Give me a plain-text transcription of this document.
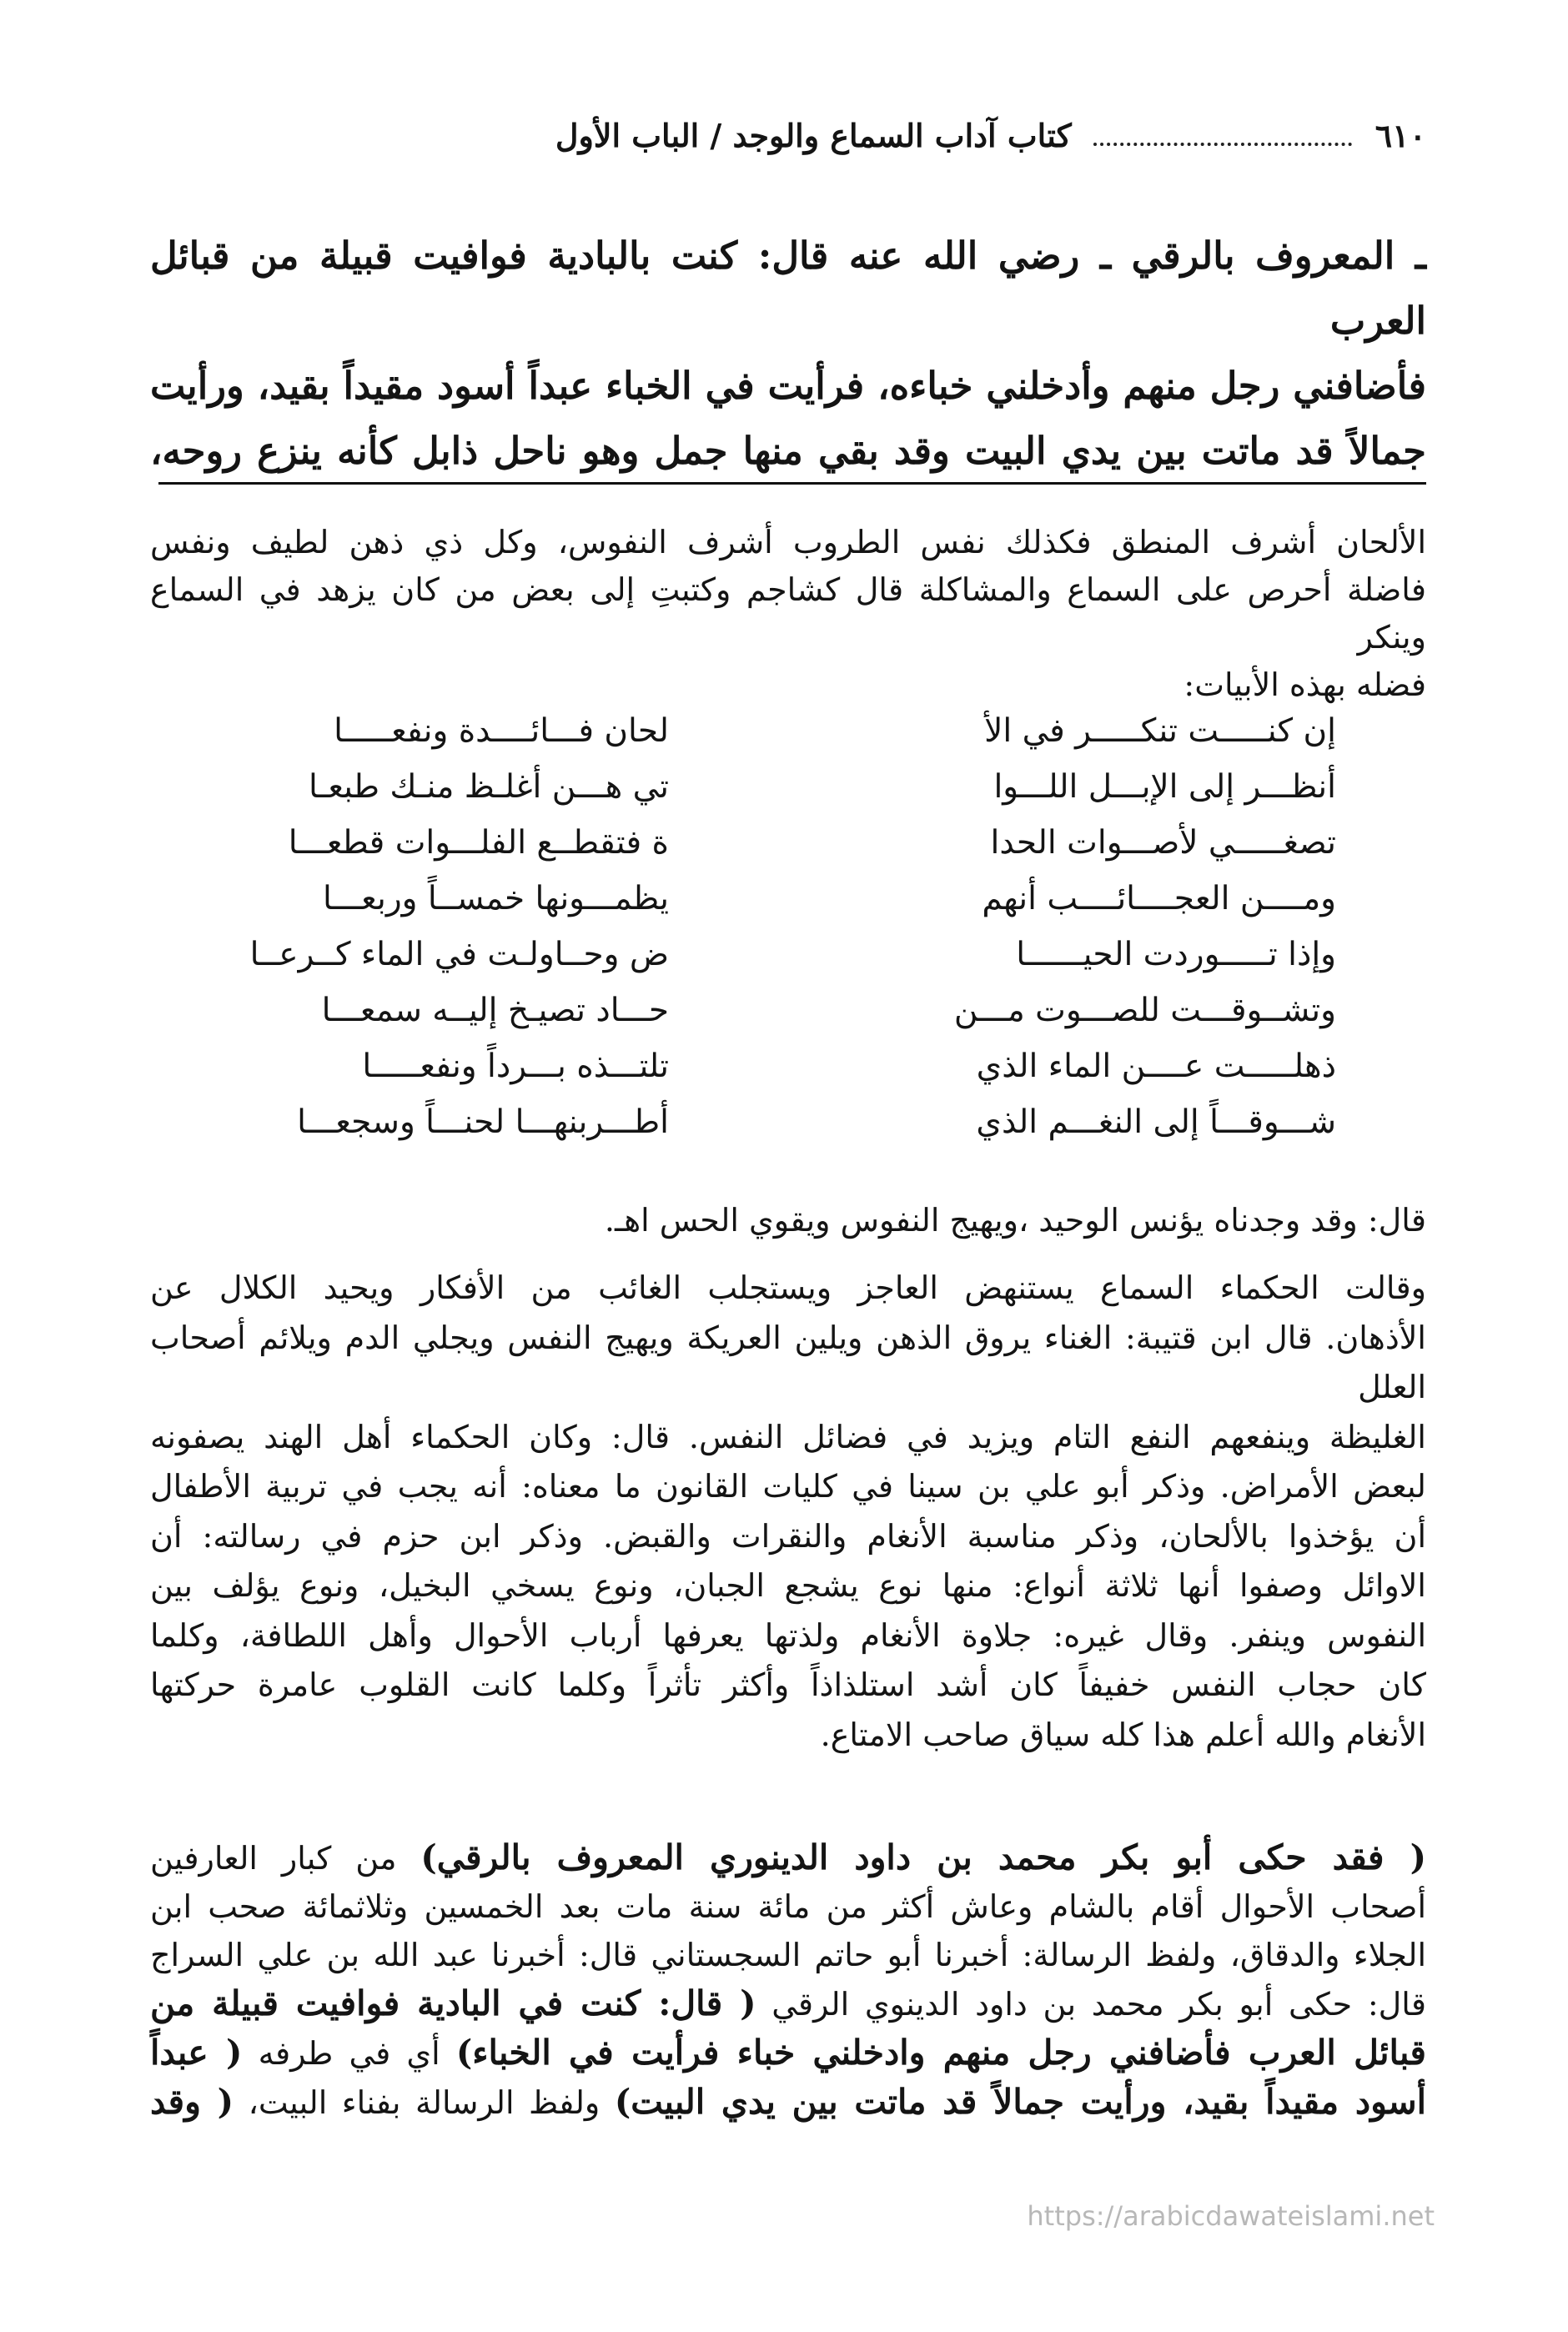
٦١٠
كتاب آداب السماع والوجد / الباب الأول

ـ المعروف بالرقي ـ رضي الله عنه قال: كنت بالبادية فوافيت قبيلة من قبائل العرب

فأضافني رجل منهم وأدخلني خباءه، فرأيت في الخباء عبداً أسود مقيداً بقيد، ورأيت

جمالاً قد ماتت بين يدي البيت وقد بقي منها جمل وهو ناحل ذابل كأنه ينزع روحه،

الألحان أشرف المنطق فكذلك نفس الطروب أشرف النفوس، وكل ذي ذهن لطيف ونفس

فاضلة أحرص على السماع والمشاكلة قال كشاجم وكتبتِ إلى بعض من كان يزهد في السماع وينكر

فضله بهذه الأبيات:

إن كنـــــت تنكـــــر في الأ
لحان فـــائــــدة ونفعـــــا
أنظـــر إلى الإبـــل اللـــوا
تي هـــن أغلـظ منـك طبعـا
تصغـــــي لأصـــوات الحدا
ة فتقطــع الفلـــوات قطعـــا
ومــــن العجــــائــــب أنهم
يظمـــونها خمســاً وربعـــا
وإذا تـــــوردت الحيــــــا
ض وحــاولـت في الماء كــرعــا
وتشــوقـــت للصـــوت مـــن
حـــاد تصيـخ إليــه سمعـــا
ذهلـــــت عــــن الماء الذي
تلتـــذه بـــرداً ونفعـــــا
شـــوقـــاً إلى النغـــم الذي
أطـــربنهـــا لحنـــاً وسجعـــا

قال: وقد وجدناه يؤنس الوحيد ،ويهيج النفوس ويقوي الحس اهـ.

وقالت الحكماء السماع يستنهض العاجز ويستجلب الغائب من الأفكار ويحيد الكلال عن

الأذهان. قال ابن قتيبة: الغناء يروق الذهن ويلين العريكة ويهيج النفس ويجلي الدم ويلائم أصحاب العلل

الغليظة وينفعهم النفع التام ويزيد في فضائل النفس. قال: وكان الحكماء أهل الهند يصفونه

لبعض الأمراض. وذكر أبو علي بن سينا في كليات القانون ما معناه: أنه يجب في تربية الأطفال

أن يؤخذوا بالألحان، وذكر مناسبة الأنغام والنقرات والقبض. وذكر ابن حزم في رسالته: أن

الاوائل وصفوا أنها ثلاثة أنواع: منها نوع يشجع الجبان، ونوع يسخي البخيل، ونوع يؤلف بين

النفوس وينفر. وقال غيره: جلاوة الأنغام ولذتها يعرفها أرباب الأحوال وأهل اللطافة، وكلما

كان حجاب النفس خفيفاً كان أشد استلذاذاً وأكثر تأثراً وكلما كانت القلوب عامرة حركتها

الأنغام والله أعلم هذا كله سياق صاحب الامتاع.

( فقد حكى أبو بكر محمد بن داود الدينوري المعروف بالرقي) من كبار العارفين

أصحاب الأحوال أقام بالشام وعاش أكثر من مائة سنة مات بعد الخمسين وثلاثمائة صحب ابن

الجلاء والدقاق، ولفظ الرسالة: أخبرنا أبو حاتم السجستاني قال: أخبرنا عبد الله بن علي السراج

قال: حكى أبو بكر محمد بن داود الدينوي الرقي ( قال: كنت في البادية فوافيت قبيلة من

قبائل العرب فأضافني رجل منهم وادخلني خباء فرأيت في الخباء) أي في طرفه ( عبداً

أسود مقيداً بقيد، ورأيت جمالاً قد ماتت بين يدي البيت) ولفظ الرسالة بفناء البيت، ( وقد

https://arabicdawateislami.net
